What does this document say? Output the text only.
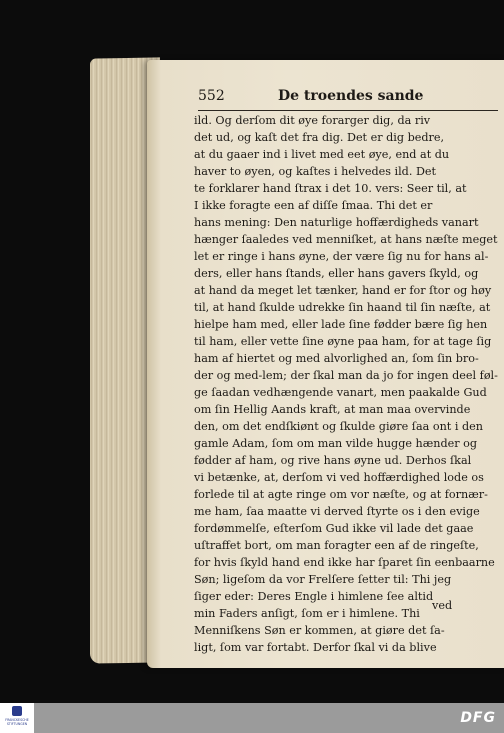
552	De troendes sande
ild. Og derſom dit øye forarger dig, da riv
det ud, og kaſt det fra dig. Det er dig bedre,
at du gaaer ind i livet med eet øye, end at du
haver to øyen, og kaſtes i helvedes ild. Det
te forklarer hand ſtrax i det 10. vers: Seer til, at
I ikke foragte een af diſſe ſmaa. Thi det er
hans mening: Den naturlige hoffærdigheds vanart
hænger ſaaledes ved menniſket, at hans næſte meget
let er ringe i hans øyne, der være ſig nu for hans al-
ders, eller hans ſtands, eller hans gavers ſkyld, og
at hand da meget let tænker, hand er for ſtor og høy
til, at hand ſkulde udrekke ſin haand til ſin næſte, at
hielpe ham med, eller lade ſine fødder bære ſig hen
til ham, eller vette ſine øyne paa ham, for at tage ſig
ham af hiertet og med alvorlighed an, ſom ſin bro-
der og med-lem; der ſkal man da jo for ingen deel føl-
ge ſaadan vedhængende vanart, men paakalde Gud
om ſin Hellig Aands kraft, at man maa overvinde
den, om det endſkiønt og ſkulde giøre ſaa ont i den
gamle Adam, ſom om man vilde hugge hænder og
fødder af ham, og rive hans øyne ud. Derhos ſkal
vi betænke, at, derſom vi ved hoffærdighed lode os
forlede til at agte ringe om vor næſte, og at fornær-
me ham, ſaa maatte vi derved ſtyrte os i den evige
fordømmelſe, eſterſom Gud ikke vil lade det gaae
uſtraffet bort, om man foragter een af de ringeſte,
for hvis ſkyld hand end ikke har ſparet ſin eenbaarne
Søn; ligeſom da vor Frelſere ſetter til: Thi jeg
ſiger eder: Deres Engle i himlene ſee altid
min Faders anſigt, ſom er i himlene. Thi
Menniſkens Søn er kommen, at giøre det ſa-
ligt, ſom var fortabt. Derfor ſkal vi da blive
ved
FRANCKESCHE STIFTUNGEN	DFG
